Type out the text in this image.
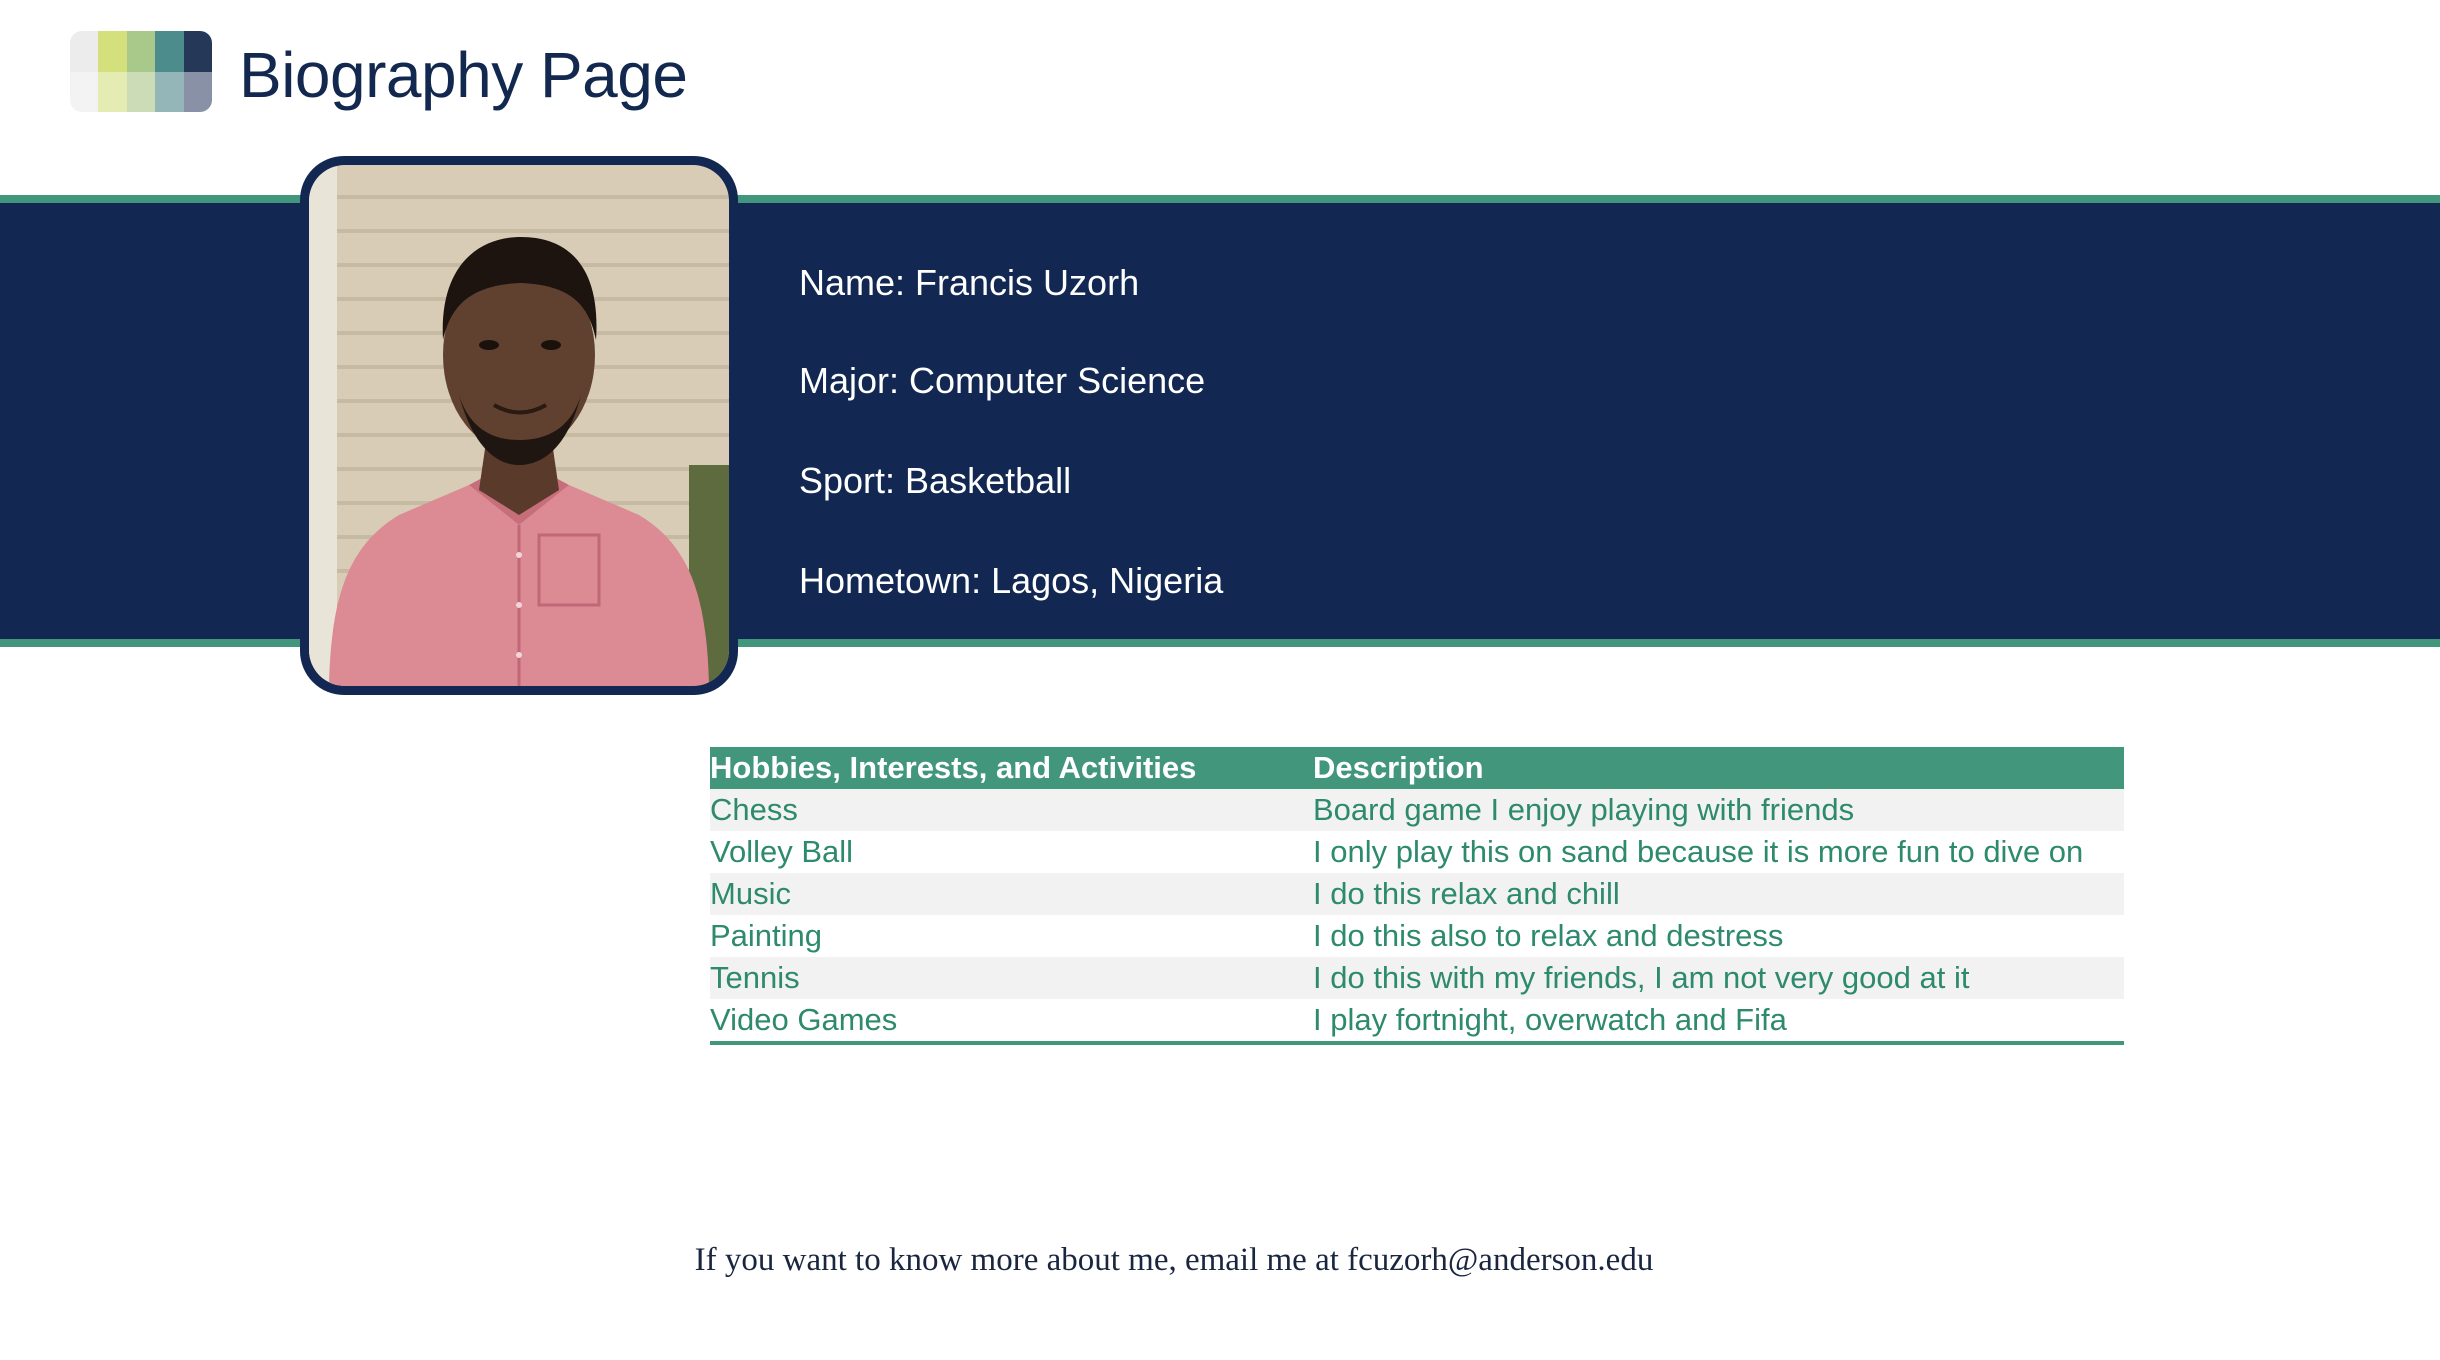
Biography Page
Name: Francis Uzorh
Major: Computer Science
Sport: Basketball
Hometown: Lagos, Nigeria
Hobbies, Interests, and Activities	Description
Chess	Board game I enjoy playing with friends
Volley Ball	I only play this on sand because it is more fun to dive on
Music	I do this relax and chill
Painting	I do this also to relax and destress
Tennis	I do this with my friends, I am not very good at it
Video Games	I play fortnight, overwatch and Fifa
If you want to know more about me, email me at fcuzorh@anderson.edu
